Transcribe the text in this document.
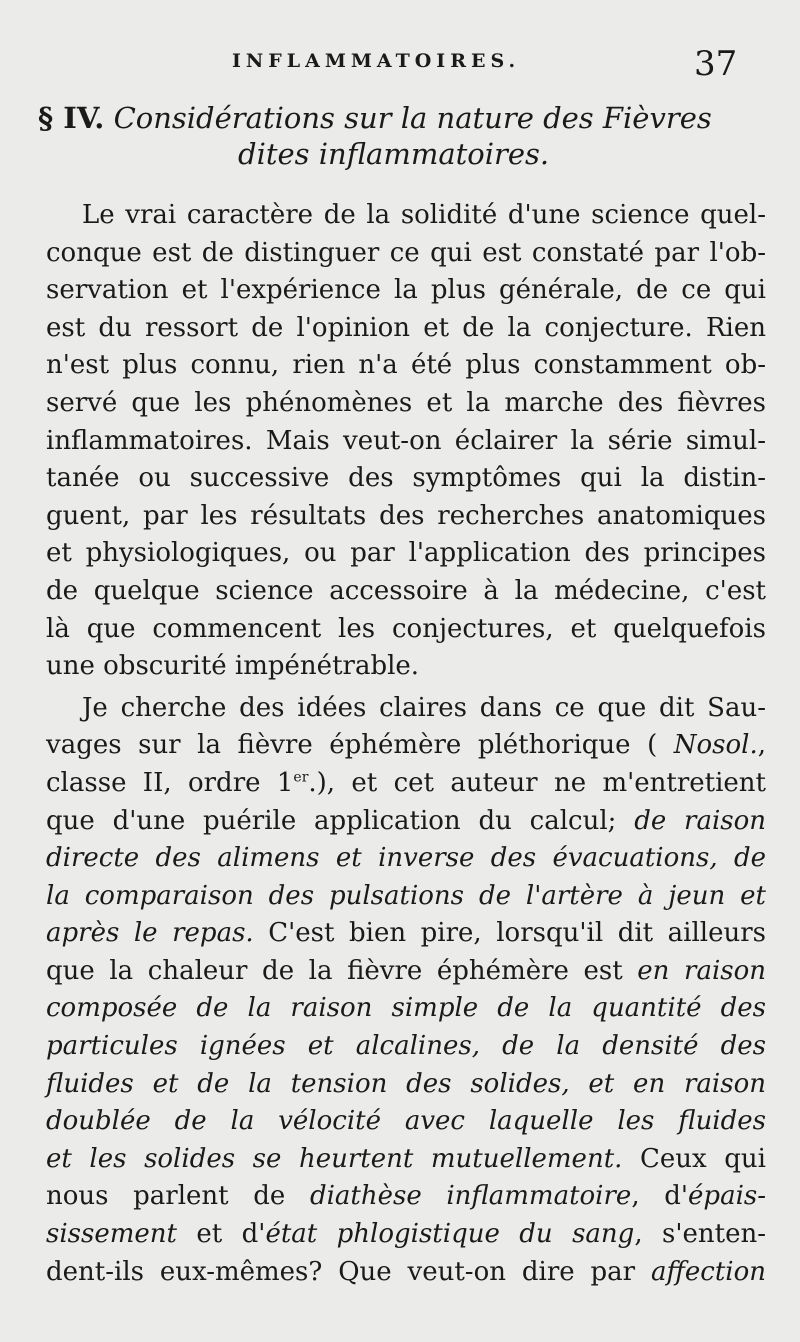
INFLAMMATOIRES.	37
§ IV. Considérations sur la nature des Fièvres
dites inflammatoires.
Le vrai caractère de la solidité d'une science quel-
conque est de distinguer ce qui est constaté par l'ob-
servation et l'expérience la plus générale, de ce qui
est du ressort de l'opinion et de la conjecture. Rien
n'est plus connu, rien n'a été plus constamment ob-
servé que les phénomènes et la marche des fièvres
inflammatoires. Mais veut-on éclairer la série simul-
tanée ou successive des symptômes qui la distin-
guent, par les résultats des recherches anatomiques
et physiologiques, ou par l'application des principes
de quelque science accessoire à la médecine, c'est
là que commencent les conjectures, et quelquefois
une obscurité impénétrable.
Je cherche des idées claires dans ce que dit Sau-
vages sur la fièvre éphémère pléthorique ( Nosol.,
classe II, ordre 1er.), et cet auteur ne m'entretient
que d'une puérile application du calcul; de raison
directe des alimens et inverse des évacuations, de
la comparaison des pulsations de l'artère à jeun et
après le repas. C'est bien pire, lorsqu'il dit ailleurs
que la chaleur de la fièvre éphémère est en raison
composée de la raison simple de la quantité des
particules ignées et alcalines, de la densité des
fluides et de la tension des solides, et en raison
doublée de la vélocité avec laquelle les fluides
et les solides se heurtent mutuellement. Ceux qui
nous parlent de diathèse inflammatoire, d'épais-
sissement et d'état phlogistique du sang, s'enten-
dent-ils eux-mêmes? Que veut-on dire par affection
